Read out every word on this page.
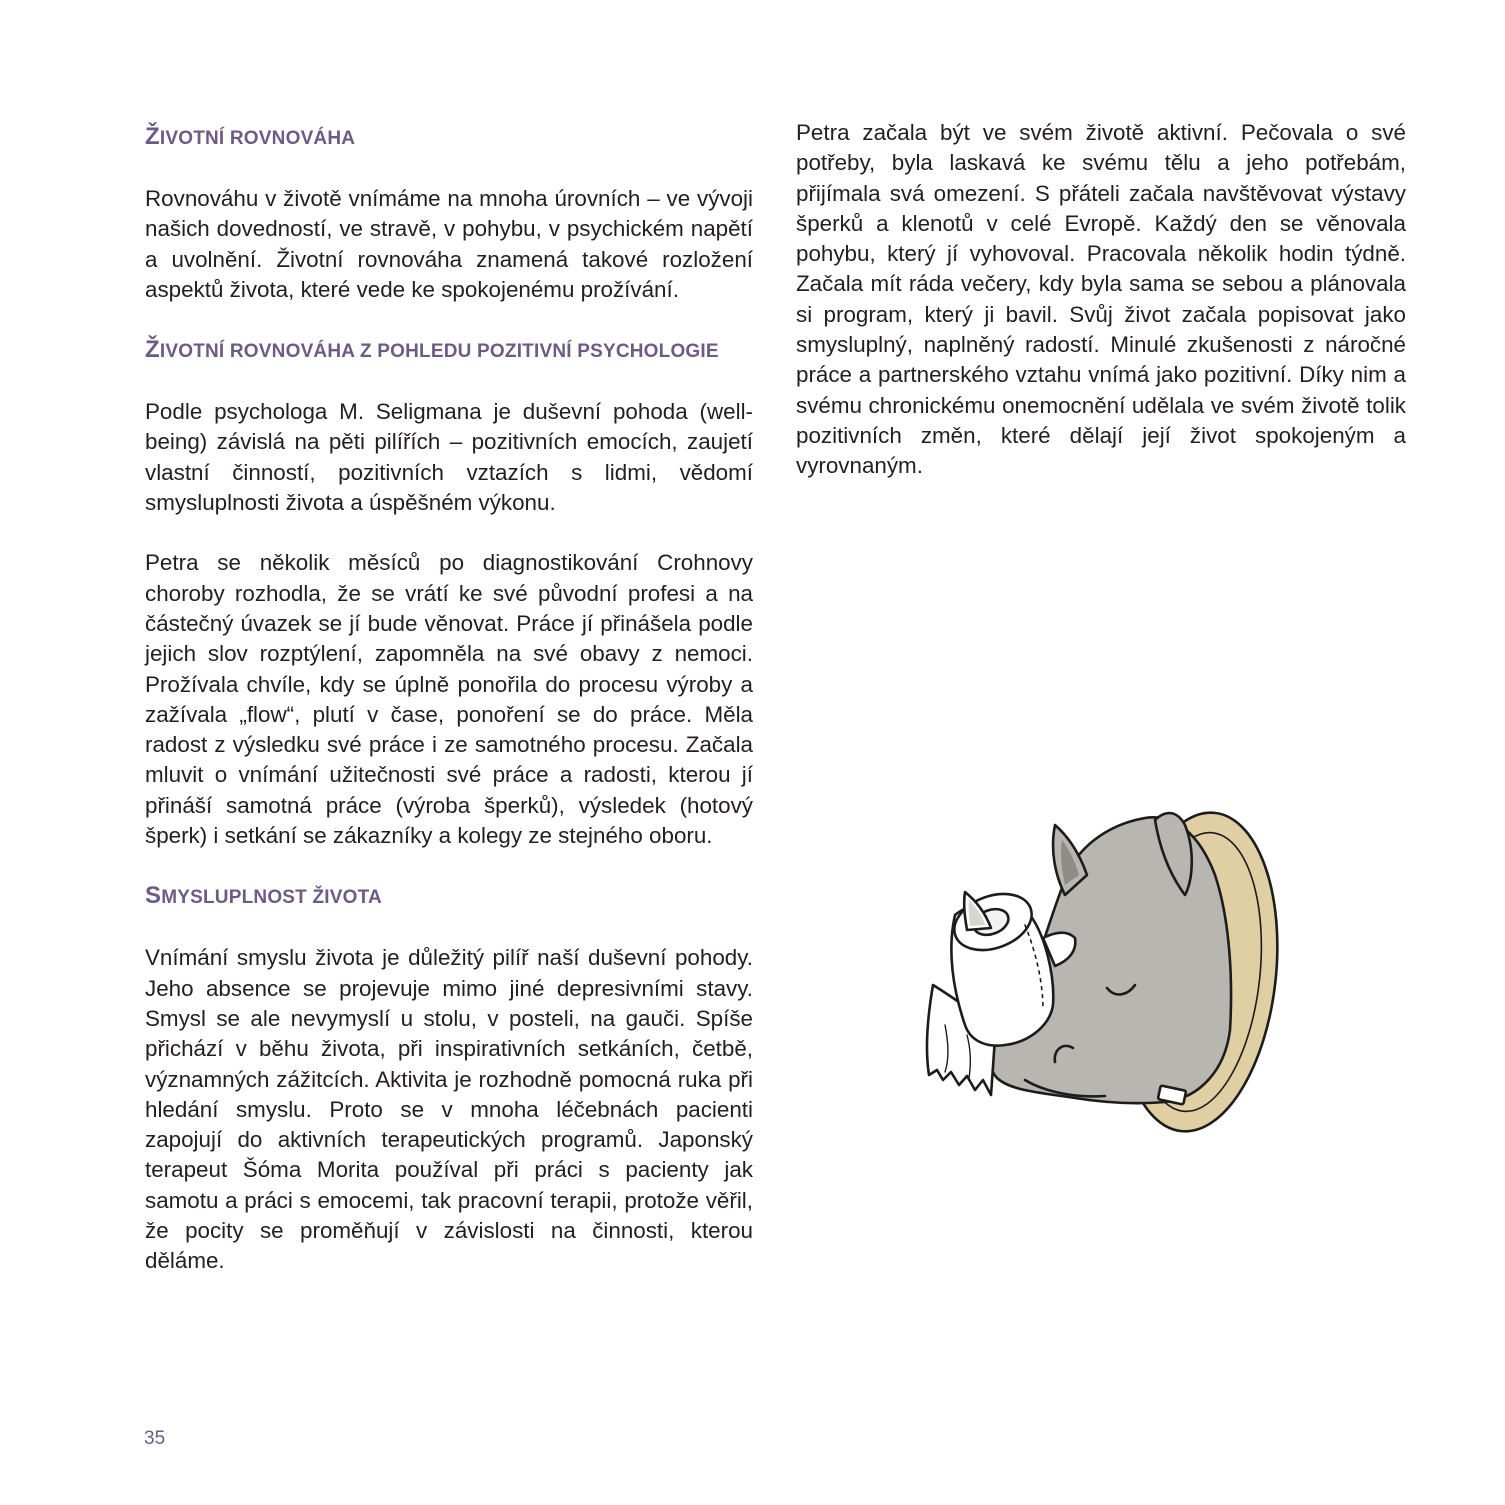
ŽIVOTNÍ ROVNOVÁHA

Rovnováhu v životě vnímáme na mnoha úrovních – ve vývoji našich dovedností, ve stravě, v pohybu, v psychickém napětí a uvolnění. Životní rovnováha znamená takové rozložení aspektů života, které vede ke spokojenému prožívání.

ŽIVOTNÍ ROVNOVÁHA Z POHLEDU POZITIVNÍ PSYCHOLOGIE

Podle psychologa M. Seligmana je duševní pohoda (well-being) závislá na pěti pilířích – pozitivních emocích, zaujetí vlastní činností, pozitivních vztazích s lidmi, vědomí smysluplnosti života a úspěšném výkonu.

Petra se několik měsíců po diagnostikování Crohnovy choroby rozhodla, že se vrátí ke své původní profesi a na částečný úvazek se jí bude věnovat. Práce jí přinášela podle jejich slov rozptýlení, zapomněla na své obavy z nemoci. Prožívala chvíle, kdy se úplně ponořila do procesu výroby a zažívala „flow“, plutí v čase, ponoření se do práce. Měla radost z výsledku své práce i ze samotného procesu. Začala mluvit o vnímání užitečnosti své práce a radosti, kterou jí přináší samotná práce (výroba šperků), výsledek (hotový šperk) i setkání se zákazníky a kolegy ze stejného oboru.

SMYSLUPLNOST ŽIVOTA

Vnímání smyslu života je důležitý pilíř naší duševní pohody. Jeho absence se projevuje mimo jiné depresivními stavy. Smysl se ale nevymyslí u stolu, v posteli, na gauči. Spíše přichází v běhu života, při inspirativních setkáních, četbě, významných zážitcích. Aktivita je rozhodně pomocná ruka při hledání smyslu. Proto se v mnoha léčebnách pacienti zapojují do aktivních terapeutických programů. Japonský terapeut Šóma Morita používal při práci s pacienty jak samotu a práci s emocemi, tak pracovní terapii, protože věřil, že pocity se proměňují v závislosti na činnosti, kterou děláme.

Petra začala být ve svém životě aktivní. Pečovala o své potřeby, byla laskavá ke svému tělu a jeho potřebám, přijímala svá omezení. S přáteli začala navštěvovat výstavy šperků a klenotů v celé Evropě. Každý den se věnovala pohybu, který jí vyhovoval. Pracovala několik hodin týdně. Začala mít ráda večery, kdy byla sama se sebou a plánovala si program, který ji bavil. Svůj život začala popisovat jako smysluplný, naplněný radostí. Minulé zkušenosti z náročné práce a partnerského vztahu vnímá jako pozitivní. Díky nim a svému chronickému onemocnění udělala ve svém životě tolik pozitivních změn, které dělají její život spokojeným a vyrovnaným.

35
